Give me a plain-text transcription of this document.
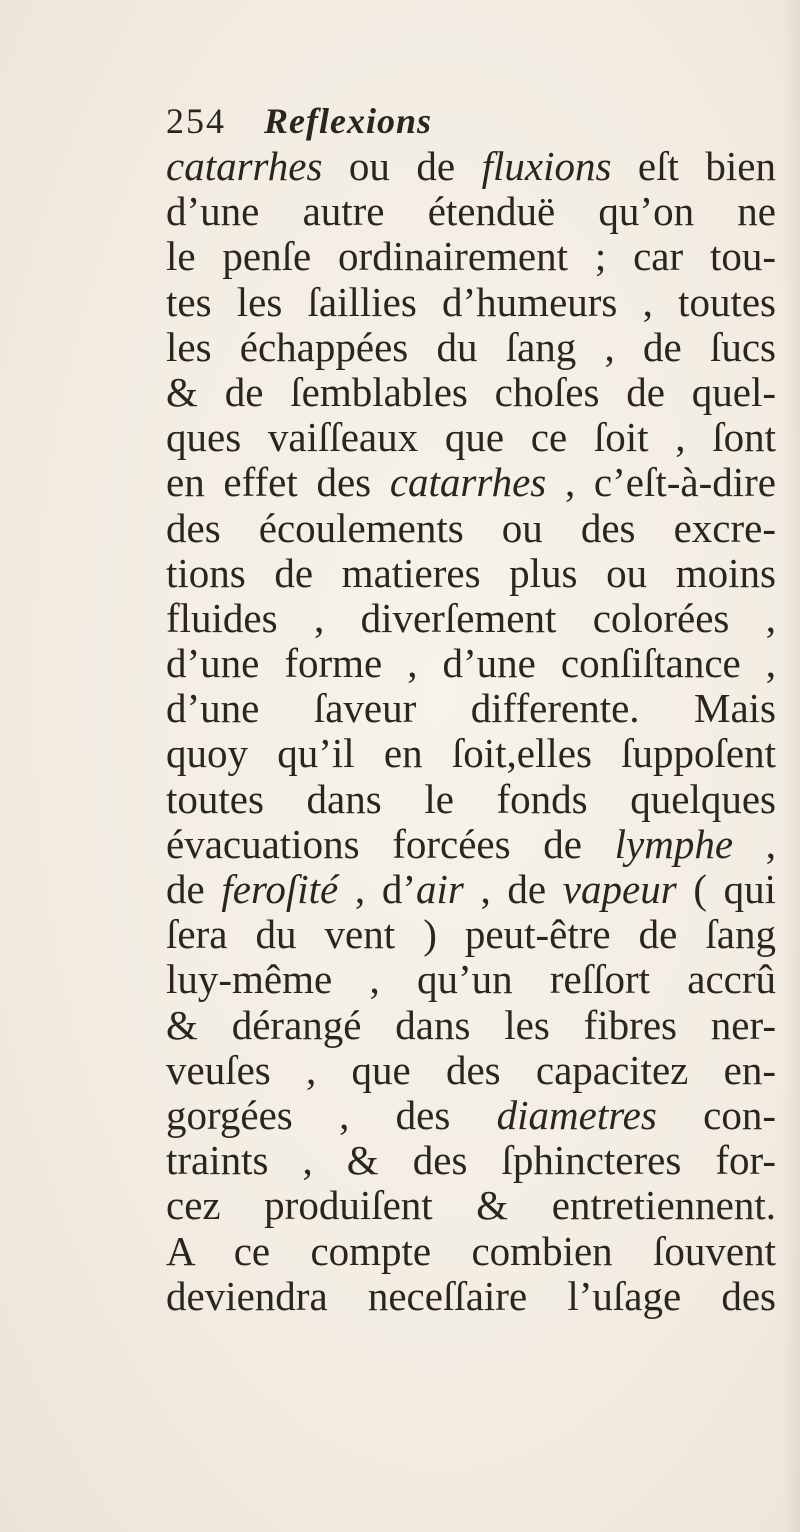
254 Reflexions
catarrhes ou de fluxions eſt bien
d’une autre étenduë qu’on ne
le penſe ordinairement ; car tou-
tes les ſaillies d’humeurs , toutes
les échappées du ſang , de ſucs
& de ſemblables choſes de quel-
ques vaiſſeaux que ce ſoit , ſont
en effet des catarrhes , c’eſt-à-dire
des écoulements ou des excre-
tions de matieres plus ou moins
fluides , diverſement colorées ,
d’une forme , d’une conſiſtance ,
d’une ſaveur differente. Mais
quoy qu’il en ſoit,elles ſuppoſent
toutes dans le fonds quelques
évacuations forcées de lymphe ,
de feroſité , d’air , de vapeur ( qui
ſera du vent ) peut-être de ſang
luy-même , qu’un reſſort accrû
& dérangé dans les fibres ner-
veuſes , que des capacitez en-
gorgées , des diametres con-
traints , & des ſphincteres for-
cez produiſent & entretiennent.
A ce compte combien ſouvent
deviendra neceſſaire l’uſage des
